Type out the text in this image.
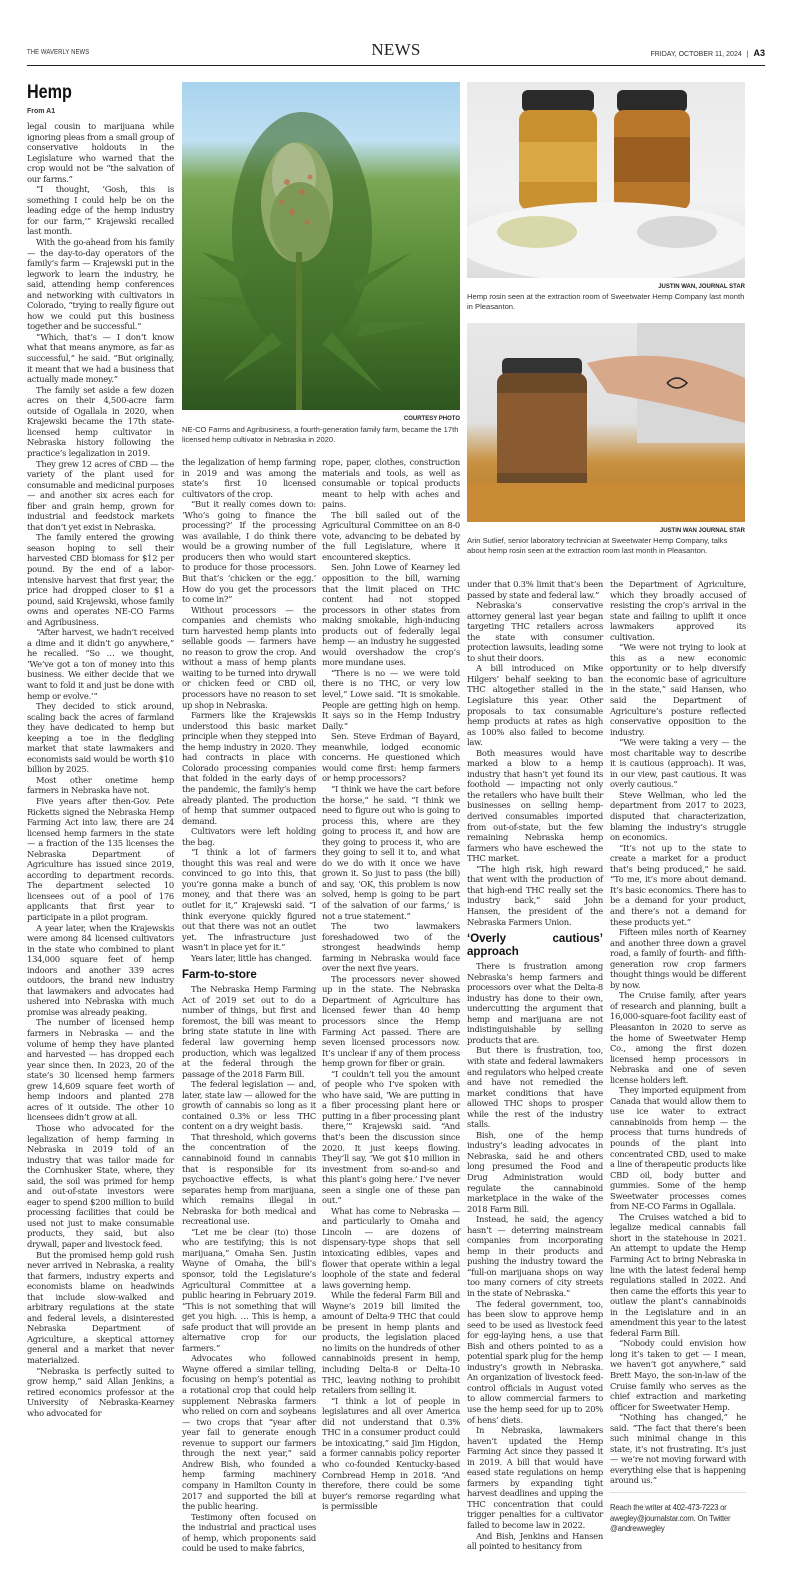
THE WAVERLY NEWS	NEWS	FRIDAY, OCTOBER 11, 2024 | A3
Hemp
From A1
COURTESY PHOTO
NE-CO Farms and Agribusiness, a fourth-generation family farm, became the 17th licensed hemp cultivator in Nebraska in 2020.
JUSTIN WAN, JOURNAL STAR
Hemp rosin seen at the extraction room of Sweetwater Hemp Company last month in Pleasanton.
JUSTIN WAN JOURNAL STAR
Arin Sutlief, senior laboratory technician at Sweetwater Hemp Company, talks about hemp rosin seen at the extraction room last month in Pleasanton.

legal cousin to marijuana while ignoring pleas from a small group of conservative holdouts in the Legislature who warned that the crop would not be “the salvation of our farms.”

“I thought, ‘Gosh, this is something I could help be on the leading edge of the hemp industry for our farm,’” Krajewski recalled last month.

With the go-ahead from his family — the day-to-day operators of the family’s farm — Krajewski put in the legwork to learn the industry, he said, attending hemp conferences and networking with cultivators in Colorado, “trying to really figure out how we could put this business together and be successful.”

“Which, that’s — I don’t know what that means anymore, as far as successful,” he said. “But originally, it meant that we had a business that actually made money.”

The family set aside a few dozen acres on their 4,500-acre farm outside of Ogallala in 2020, when Krajewski became the 17th state-licensed hemp cultivator in Nebraska history following the practice’s legalization in 2019.

They grew 12 acres of CBD — the variety of the plant used for consumable and medicinal purposes — and another six acres each for fiber and grain hemp, grown for industrial and feedstock markets that don’t yet exist in Nebraska.

The family entered the growing season hoping to sell their harvested CBD biomass for $12 per pound. By the end of a labor-intensive harvest that first year, the price had dropped closer to $1 a pound, said Krajewski, whose family owns and operates NE-CO Farms and Agribusiness.

“After harvest, we hadn’t received a dime and it didn’t go anywhere,” he recalled. “So … we thought, ‘We’ve got a ton of money into this business. We either decide that we want to fold it and just be done with hemp or evolve.’”

They decided to stick around, scaling back the acres of farmland they have dedicated to hemp but keeping a toe in the fledgling market that state lawmakers and economists said would be worth $10 billion by 2025.

Most other onetime hemp farmers in Nebraska have not.

Five years after then-Gov. Pete Ricketts signed the Nebraska Hemp Farming Act into law, there are 24 licensed hemp farmers in the state — a fraction of the 135 licenses the Nebraska Department of Agriculture has issued since 2019, according to department records. The department selected 10 licensees out of a pool of 176 applicants that first year to participate in a pilot program.

A year later, when the Krajewskis were among 84 licensed cultivators in the state who combined to plant 134,000 square feet of hemp indoors and another 339 acres outdoors, the brand new industry that lawmakers and advocates had ushered into Nebraska with much promise was already peaking.

The number of licensed hemp farmers in Nebraska — and the volume of hemp they have planted and harvested — has dropped each year since then. In 2023, 20 of the state’s 30 licensed hemp farmers grew 14,609 square feet worth of hemp indoors and planted 278 acres of it outside. The other 10 licensees didn’t grow at all.

Those who advocated for the legalization of hemp farming in Nebraska in 2019 told of an industry that was tailor made for the Cornhusker State, where, they said, the soil was primed for hemp and out-of-state investors were eager to spend $200 million to build processing facilities that could be used not just to make consumable products, they said, but also drywall, paper and livestock feed.

But the promised hemp gold rush never arrived in Nebraska, a reality that farmers, industry experts and economists blame on headwinds that include slow-walked and arbitrary regulations at the state and federal levels, a disinterested Nebraska Department of Agriculture, a skeptical attorney general and a market that never materialized.

“Nebraska is perfectly suited to grow hemp,” said Allan Jenkins, a retired economics professor at the University of Nebraska-Kearney who advocated for

the legalization of hemp farming in 2019 and was among the state’s first 10 licensed cultivators of the crop.

“But it really comes down to: ‘Who’s going to finance the processing?’ If the processing was available, I do think there would be a growing number of producers then who would start to produce for those processors. But that’s ‘chicken or the egg.’ How do you get the processors to come in?”

Without processors — the companies and chemists who turn harvested hemp plants into sellable goods — farmers have no reason to grow the crop. And without a mass of hemp plants waiting to be turned into drywall or chicken feed or CBD oil, processors have no reason to set up shop in Nebraska.

Farmers like the Krajewskis understood this basic market principle when they stepped into the hemp industry in 2020. They had contracts in place with Colorado processing companies that folded in the early days of the pandemic, the family’s hemp already planted. The production of hemp that summer outpaced demand.

Cultivators were left holding the bag.

“I think a lot of farmers thought this was real and were convinced to go into this, that you’re gonna make a bunch of money, and that there was an outlet for it,” Krajewski said. “I think everyone quickly figured out that there was not an outlet yet. The infrastructure just wasn’t in place yet for it.”

Years later, little has changed.

Farm-to-store

The Nebraska Hemp Farming Act of 2019 set out to do a number of things, but first and foremost, the bill was meant to bring state statute in line with federal law governing hemp production, which was legalized at the federal through the passage of the 2018 Farm Bill.

The federal legislation — and, later, state law — allowed for the growth of cannabis so long as it contained 0.3% or less THC content on a dry weight basis.

That threshold, which governs the concentration of the cannabinoid found in cannabis that is responsible for its psychoactive effects, is what separates hemp from marijuana, which remains illegal in Nebraska for both medical and recreational use.

“Let me be clear (to) those who are testifying; this is not marijuana,” Omaha Sen. Justin Wayne of Omaha, the bill’s sponsor, told the Legislature’s Agricultural Committee at a public hearing in February 2019. “This is not something that will get you high. … This is hemp, a safe product that will provide an alternative crop for our farmers.”

Advocates who followed Wayne offered a similar telling, focusing on hemp’s potential as a rotational crop that could help supplement Nebraska farmers who relied on corn and soybeans — two crops that “year after year fail to generate enough revenue to support our farmers through the next year,” said Andrew Bish, who founded a hemp farming machinery company in Hamilton County in 2017 and supported the bill at the public hearing.

Testimony often focused on the industrial and practical uses of hemp, which proponents said could be used to make fabrics,

rope, paper, clothes, construction materials and tools, as well as consumable or topical products meant to help with aches and pains.

The bill sailed out of the Agricultural Committee on an 8-0 vote, advancing to be debated by the full Legislature, where it encountered skeptics.

Sen. John Lowe of Kearney led opposition to the bill, warning that the limit placed on THC content had not stopped processors in other states from making smokable, high-inducing products out of federally legal hemp — an industry he suggested would overshadow the crop’s more mundane uses.

“There is no — we were told there is no THC, or very low level,” Lowe said. “It is smokable. People are getting high on hemp. It says so in the Hemp Industry Daily.”

Sen. Steve Erdman of Bayard, meanwhile, lodged economic concerns. He questioned which would come first: hemp farmers or hemp processors?

“I think we have the cart before the horse,” he said. “I think we need to figure out who is going to process this, where are they going to process it, and how are they going to process it, who are they going to sell it to, and what do we do with it once we have grown it. So just to pass (the bill) and say, ‘OK, this problem is now solved, hemp is going to be part of the salvation of our farms,’ is not a true statement.”

The two lawmakers foreshadowed two of the strongest headwinds hemp farming in Nebraska would face over the next five years.

The processors never showed up in the state. The Nebraska Department of Agriculture has licensed fewer than 40 hemp processors since the Hemp Farming Act passed. There are seven licensed processors now. It’s unclear if any of them process hemp grown for fiber or grain.

“I couldn’t tell you the amount of people who I’ve spoken with who have said, ‘We are putting in a fiber processing plant here or putting in a fiber processing plant there,’” Krajewski said. “And that’s been the discussion since 2020. It just keeps flowing. They’ll say, ‘We got $10 million in investment from so-and-so and this plant’s going here.’ I’ve never seen a single one of these pan out.”

What has come to Nebraska — and particularly to Omaha and Lincoln — are dozens of dispensary-type shops that sell intoxicating edibles, vapes and flower that operate within a legal loophole of the state and federal laws governing hemp.

While the federal Farm Bill and Wayne’s 2019 bill limited the amount of Delta-9 THC that could be present in hemp plants and products, the legislation placed no limits on the hundreds of other cannabinoids present in hemp, including Delta-8 or Delta-10 THC, leaving nothing to prohibit retailers from selling it.

“I think a lot of people in legislatures and all over America did not understand that 0.3% THC in a consumer product could be intoxicating,” said Jim Higdon, a former cannabis policy reporter who co-founded Kentucky-based Cornbread Hemp in 2018. “And therefore, there could be some buyer’s remorse regarding what is permissible

under that 0.3% limit that’s been passed by state and federal law.”

Nebraska’s conservative attorney general last year began targeting THC retailers across the state with consumer protection lawsuits, leading some to shut their doors.

A bill introduced on Mike Hilgers’ behalf seeking to ban THC altogether stalled in the Legislature this year. Other proposals to tax consumable hemp products at rates as high as 100% also failed to become law.

Both measures would have marked a blow to a hemp industry that hasn’t yet found its foothold — impacting not only the retailers who have built their businesses on selling hemp-derived consumables imported from out-of-state, but the few remaining Nebraska hemp farmers who have eschewed the THC market.

“The high risk, high reward that went with the production of that high-end THC really set the industry back,” said John Hansen, the president of the Nebraska Farmers Union.

‘Overly cautious’ approach

There is frustration among Nebraska’s hemp farmers and processors over what the Delta-8 industry has done to their own, undercutting the argument that hemp and marijuana are not indistinguishable by selling products that are.

But there is frustration, too, with state and federal lawmakers and regulators who helped create and have not remedied the market conditions that have allowed THC shops to prosper while the rest of the industry stalls.

Bish, one of the hemp industry’s leading advocates in Nebraska, said he and others long presumed the Food and Drug Administration would regulate the cannabinoid marketplace in the wake of the 2018 Farm Bill.

Instead, he said, the agency hasn’t — deterring mainstream companies from incorporating hemp in their products and pushing the industry toward the “full-on marijuana shops on way too many corners of city streets in the state of Nebraska.”

The federal government, too, has been slow to approve hemp seed to be used as livestock feed for egg-laying hens, a use that Bish and others pointed to as a potential spark plug for the hemp industry’s growth in Nebraska. An organization of livestock feed-control officials in August voted to allow commercial farmers to use the hemp seed for up to 20% of hens’ diets.

In Nebraska, lawmakers haven’t updated the Hemp Farming Act since they passed it in 2019. A bill that would have eased state regulations on hemp farmers by expanding tight harvest deadlines and upping the THC concentration that could trigger penalties for a cultivator failed to become law in 2022.

And Bish, Jenkins and Hansen all pointed to hesitancy from

the Department of Agriculture, which they broadly accused of resisting the crop’s arrival in the state and failing to uplift it once lawmakers approved its cultivation.

“We were not trying to look at this as a new economic opportunity or to help diversify the economic base of agriculture in the state,” said Hansen, who said the Department of Agriculture’s posture reflected conservative opposition to the industry.

“We were taking a very — the most charitable way to describe it is cautious (approach). It was, in our view, past cautious. It was overly cautious.”

Steve Wellman, who led the department from 2017 to 2023, disputed that characterization, blaming the industry’s struggle on economics.

“It’s not up to the state to create a market for a product that’s being produced,” he said. “To me, it’s more about demand. It’s basic economics. There has to be a demand for your product, and there’s not a demand for these products yet.”

Fifteen miles north of Kearney and another three down a gravel road, a family of fourth- and fifth-generation row crop farmers thought things would be different by now.

The Cruise family, after years of research and planning, built a 16,000-square-foot facility east of Pleasanton in 2020 to serve as the home of Sweetwater Hemp Co., among the first dozen licensed hemp processors in Nebraska and one of seven license holders left.

They imported equipment from Canada that would allow them to use ice water to extract cannabinoids from hemp — the process that turns hundreds of pounds of the plant into concentrated CBD, used to make a line of therapeutic products like CBD oil, body butter and gummies. Some of the hemp Sweetwater processes comes from NE-CO Farms in Ogallala.

The Cruises watched a bid to legalize medical cannabis fall short in the statehouse in 2021. An attempt to update the Hemp Farming Act to bring Nebraska in line with the latest federal hemp regulations stalled in 2022. And then came the efforts this year to outlaw the plant’s cannabinoids in the Legislature and in an amendment this year to the latest federal Farm Bill.

“Nobody could envision how long it’s taken to get — I mean, we haven’t got anywhere,” said Brett Mayo, the son-in-law of the Cruise family who serves as the chief extraction and marketing officer for Sweetwater Hemp.

“Nothing has changed,” he said. “The fact that there’s been such minimal change in this state, it’s not frustrating. It’s just — we’re not moving forward with everything else that is happening around us.”

Reach the writer at 402-473-7223 or awegley@journalstar.com. On Twitter @andrewwegley
